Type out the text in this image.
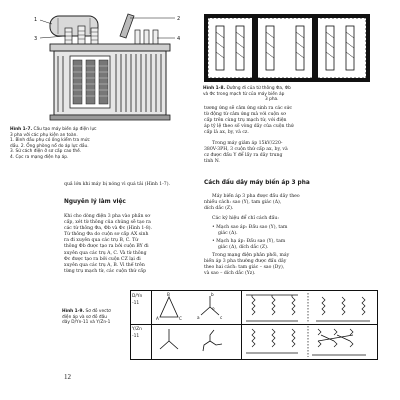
1	2
3	4
Hình 1-7. Cấu tạo máy biến áp điện lực
3 pha với các phụ kiện an toàn.
1. Bình dầu phụ có ống kiểm tra mức
dầu. 2. Ống phòng nổ do áp lực dầu.
3. Sứ cách điện ở sơ cấp cao thế.
4. Cọc ra mạng điện hạ áp.
Hình 1-8. Đường đi của từ thông Φa, Φb
và Φc trong mạch từ của máy biến áp
3 pha.
quả lớn khi máy bị nóng vì quá tải (Hình 1-7).
Nguyên lý làm việc
Khi cho dòng điện 3 pha vào phần sơ
cấp, xét từ thông của chúng sẽ tạo ra
các từ thông Φa, Φb và Φc (Hình 1-8).
Từ thông Φa do cuộn sơ cấp AX sinh
ra đi xuyên qua các trụ B, C. Từ
thông Φb được tạo ra bởi cuộn BY đi
xuyên qua các trụ A, C. Và từ thông
Φc được tạo ra bởi cuộn CZ lại đi
xuyên qua các trụ A, B. Vì thế trên
từng trụ mạch từ, các cuộn thứ cấp
tương ứng sẽ cảm ứng sinh ra các sức
từ động từ cảm ứng mà với cuộn sơ
cấp trên cùng trụ mạch từ, với điện
áp tỷ lệ theo số vòng dây của cuộn thứ
cấp là ax, by, và cz.
Trong máy giảm áp 15kV/220-
380V-3PH, 3 cuộn thứ cấp ax, by, và
cz được đấu Y để lấy ra dây trung
tính N.
Cách đấu dây máy biến áp 3 pha
Máy biến áp 3 pha được đấu dây theo
nhiều cách: sao (Y), tam giác (Δ),
dích dắc (Z).
Các ký hiệu để chỉ cách đấu:
• Mạch sao áp: Đấu sao (Y), tam
giác (Δ).
• Mạch hạ áp: Đấu sao (Y), tam
giác (Δ), dích dắc (Z).
Trong mạng điện phân phối, máy
biến áp 3 pha thường được đấu dây
theo hai cách: tam giác – sao (Dy),
và sao – dích dắc (Yz).
Hình 1-9. Sơ đồ vectơ
điện áp và sơ đồ đấu
dây D/Yn-11 và Y/Zn-1
D/Yn
-11
Y/Zn
-11
A
B
C	a
b
c
o
12
